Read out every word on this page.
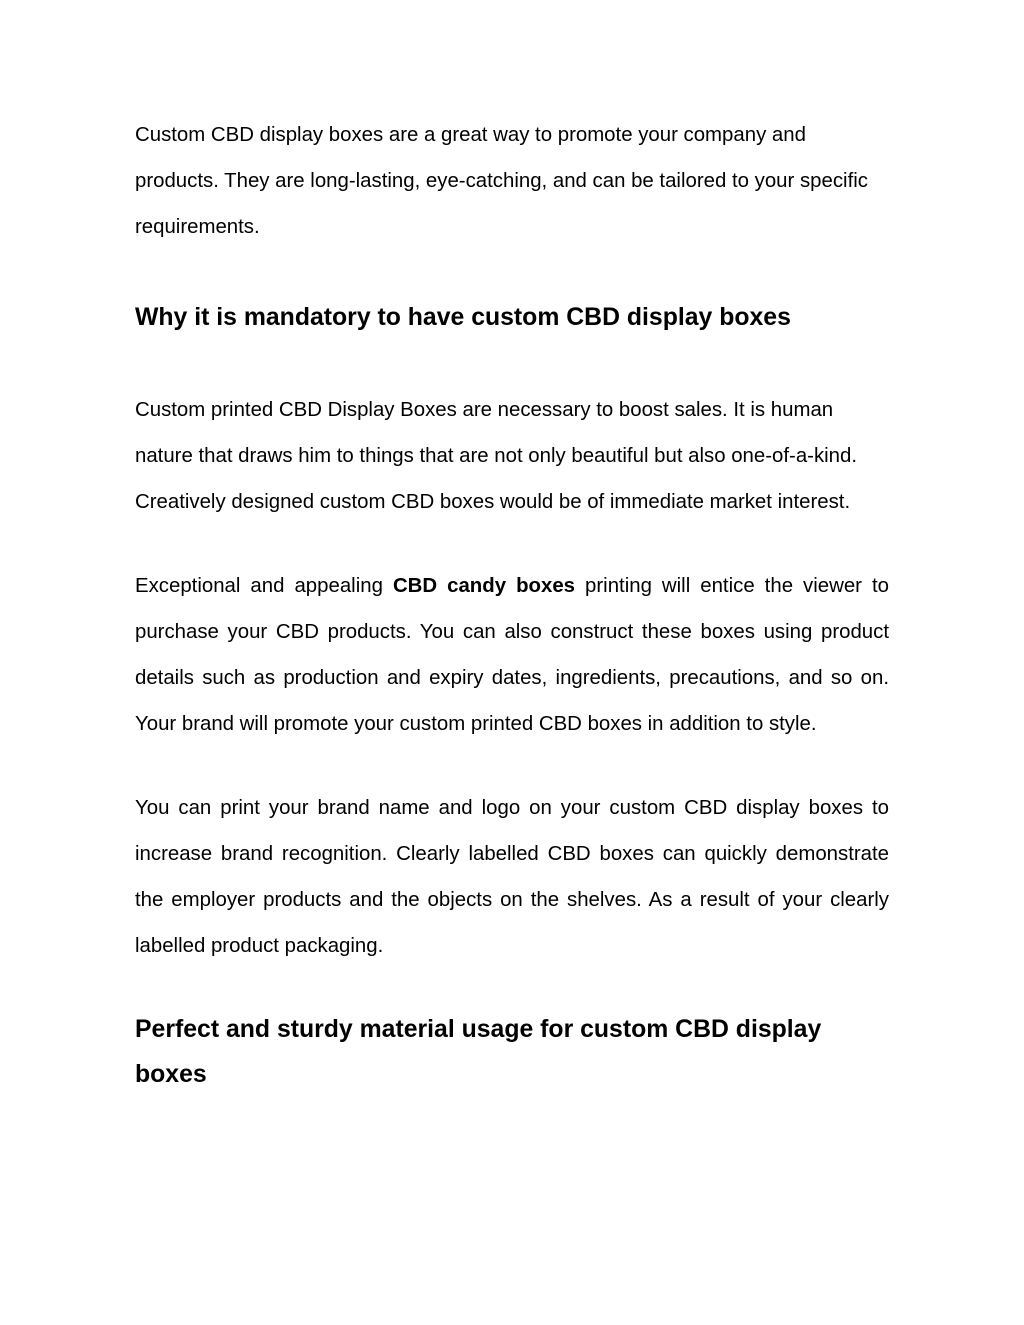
Custom CBD display boxes are a great way to promote your company and products. They are long-lasting, eye-catching, and can be tailored to your specific requirements.

Why it is mandatory to have custom CBD display boxes

Custom printed CBD Display Boxes are necessary to boost sales. It is human nature that draws him to things that are not only beautiful but also one-of-a-kind. Creatively designed custom CBD boxes would be of immediate market interest.

Exceptional and appealing CBD candy boxes printing will entice the viewer to purchase your CBD products. You can also construct these boxes using product details such as production and expiry dates, ingredients, precautions, and so on. Your brand will promote your custom printed CBD boxes in addition to style.

You can print your brand name and logo on your custom CBD display boxes to increase brand recognition. Clearly labelled CBD boxes can quickly demonstrate the employer products and the objects on the shelves. As a result of your clearly labelled product packaging.

Perfect and sturdy material usage for custom CBD display boxes
